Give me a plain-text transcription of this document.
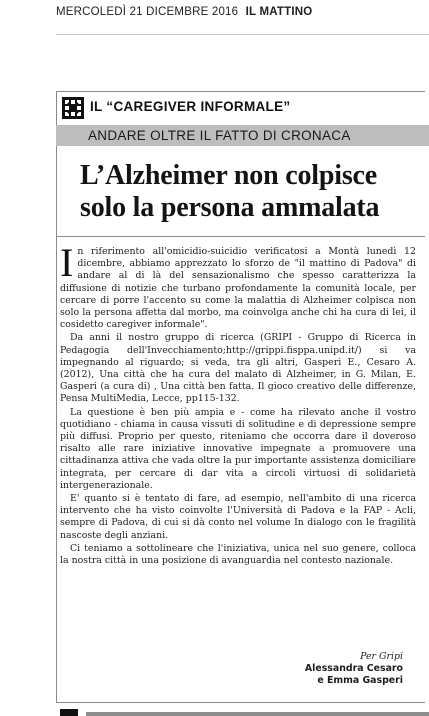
MERCOLEDÌ 21 DICEMBRE 2016 IL MATTINO
IL “CAREGIVER INFORMALE”
ANDARE OLTRE IL FATTO DI CRONACA
L’Alzheimer non colpisce
solo la persona ammalata

In riferimento all'omicidio-suicidio verificatosi a Montà lunedì 12 dicembre, abbiamo apprezzato lo sforzo de "il mattino di Padova" di andare al di là del sensazionalismo che spesso caratterizza la diffusione di notizie che turbano profondamente la comunità locale, per cercare di porre l'accento su come la malattia di Alzheimer colpisca non solo la persona affetta dal morbo, ma coinvolga anche chi ha cura di lei, il cosidetto caregiver informale".

Da anni il nostro gruppo di ricerca (GRIPI - Gruppo di Ricerca in Pedagogia dell'Invecchiamento;http://grippi.fisppa.unipd.it/) si va impegnando al riguardo; si veda, tra gli altri, Gasperi E., Cesaro A. (2012), Una città che ha cura del malato di Alzheimer, in G. Milan, E. Gasperi (a cura di) , Una città ben fatta. Il gioco creativo delle differenze, Pensa MultiMedia, Lecce, pp115-132.

La questione è ben più ampia e - come ha rilevato anche il vostro quotidiano - chiama in causa vissuti di solitudine e di depressione sempre più diffusi. Proprio per questo, riteniamo che occorra dare il doveroso risalto alle rare iniziative innovative impegnate a promuovere una cittadinanza attiva che vada oltre la pur importante assistenza domiciliare integrata, per cercare di dar vita a circoli virtuosi di solidarietà intergenerazionale.

E' quanto si è tentato di fare, ad esempio, nell'ambito di una ricerca intervento che ha visto coinvolte l'Università di Padova e la FAP - Acli, sempre di Padova, di cui si dà conto nel volume In dialogo con le fragilità nascoste degli anziani.

Ci teniamo a sottolineare che l'iniziativa, unica nel suo genere, colloca la nostra città in una posizione di avanguardia nel contesto nazionale.

Per Gripi
Alessandra Cesaro
e Emma Gasperi
